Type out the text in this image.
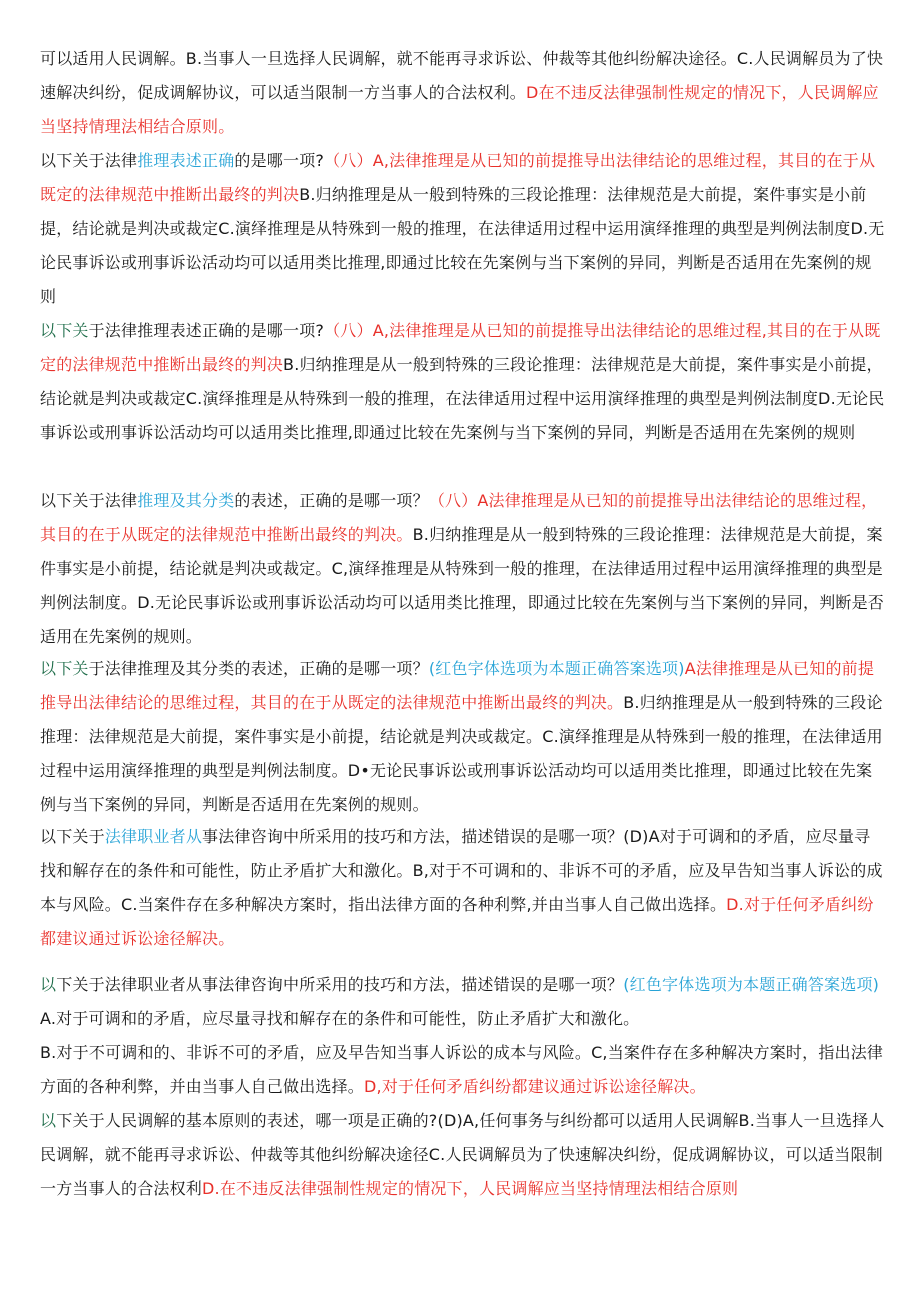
可以适用人民调解。B.当事人一旦选择人民调解，就不能再寻求诉讼、仲裁等其他纠纷解决途径。C.人民调解员为了快速解决纠纷，促成调解协议，可以适当限制一方当事人的合法权利。D在不违反法律强制性规定的情况下，人民调解应当坚持情理法相结合原则。

以下关于法律推理表述正确的是哪一项?（八）A,法律推理是从已知的前提推导出法律结论的思维过程，其目的在于从既定的法律规范中推断出最终的判决B.归纳推理是从一般到特殊的三段论推理：法律规范是大前提，案件事实是小前提，结论就是判决或裁定C.演绎推理是从特殊到一般的推理，在法律适用过程中运用演绎推理的典型是判例法制度D.无论民事诉讼或刑事诉讼活动均可以适用类比推理,即通过比较在先案例与当下案例的异同，判断是否适用在先案例的规则

以下关于法律推理表述正确的是哪一项?（八）A,法律推理是从已知的前提推导出法律结论的思维过程,其目的在于从既定的法律规范中推断出最终的判决B.归纳推理是从一般到特殊的三段论推理：法律规范是大前提，案件事实是小前提，结论就是判决或裁定C.演绎推理是从特殊到一般的推理，在法律适用过程中运用演绎推理的典型是判例法制度D.无论民事诉讼或刑事诉讼活动均可以适用类比推理,即通过比较在先案例与当下案例的异同，判断是否适用在先案例的规则

以下关于法律推理及其分类的表述，正确的是哪一项？（八）A法律推理是从已知的前提推导出法律结论的思维过程，其目的在于从既定的法律规范中推断出最终的判决。B.归纳推理是从一般到特殊的三段论推理：法律规范是大前提，案件事实是小前提，结论就是判决或裁定。C,演绎推理是从特殊到一般的推理，在法律适用过程中运用演绎推理的典型是判例法制度。D.无论民事诉讼或刑事诉讼活动均可以适用类比推理，即通过比较在先案例与当下案例的异同，判断是否适用在先案例的规则。

以下关于法律推理及其分类的表述，正确的是哪一项？(红色字体选项为本题正确答案选项)A法律推理是从已知的前提推导出法律结论的思维过程，其目的在于从既定的法律规范中推断出最终的判决。B.归纳推理是从一般到特殊的三段论推理：法律规范是大前提，案件事实是小前提，结论就是判决或裁定。C.演绎推理是从特殊到一般的推理，在法律适用过程中运用演绎推理的典型是判例法制度。D•无论民事诉讼或刑事诉讼活动均可以适用类比推理，即通过比较在先案例与当下案例的异同，判断是否适用在先案例的规则。

以下关于法律职业者从事法律咨询中所采用的技巧和方法，描述错误的是哪一项？(D)A对于可调和的矛盾，应尽量寻找和解存在的条件和可能性，防止矛盾扩大和激化。B,对于不可调和的、非诉不可的矛盾，应及早告知当事人诉讼的成本与风险。C.当案件存在多种解决方案时，指出法律方面的各种利弊,并由当事人自己做出选择。D.对于任何矛盾纠纷都建议通过诉讼途径解决。

以下关于法律职业者从事法律咨询中所采用的技巧和方法，描述错误的是哪一项？(红色字体选项为本题正确答案选项)A.对于可调和的矛盾，应尽量寻找和解存在的条件和可能性，防止矛盾扩大和激化。

B.对于不可调和的、非诉不可的矛盾，应及早告知当事人诉讼的成本与风险。C,当案件存在多种解决方案时，指出法律方面的各种利弊，并由当事人自己做出选择。D,对于任何矛盾纠纷都建议通过诉讼途径解决。

以下关于人民调解的基本原则的表述，哪一项是正确的?(D)A,任何事务与纠纷都可以适用人民调解B.当事人一旦选择人民调解，就不能再寻求诉讼、仲裁等其他纠纷解决途径C.人民调解员为了快速解决纠纷，促成调解协议，可以适当限制一方当事人的合法权利D.在不违反法律强制性规定的情况下，人民调解应当坚持情理法相结合原则
